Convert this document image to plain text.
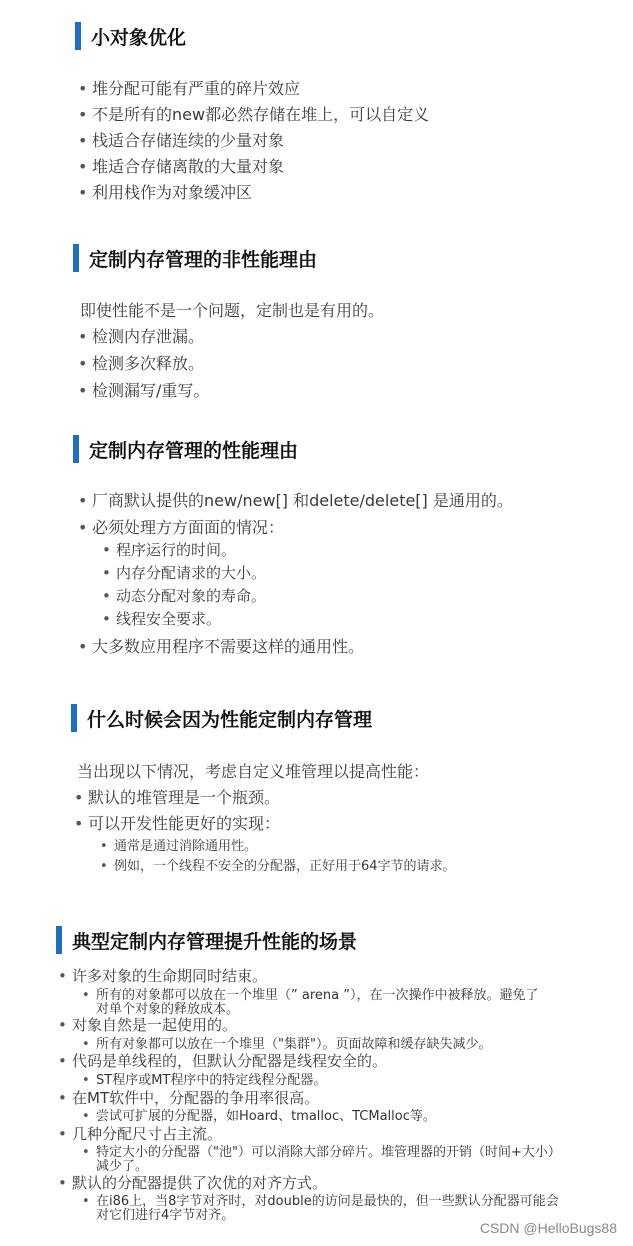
小对象优化
• 堆分配可能有严重的碎片效应
• 不是所有的new都必然存储在堆上，可以自定义
• 栈适合存储连续的少量对象
• 堆适合存储离散的大量对象
• 利用栈作为对象缓冲区
定制内存管理的非性能理由
即使性能不是一个问题，定制也是有用的。
• 检测内存泄漏。
• 检测多次释放。
• 检测漏写/重写。
定制内存管理的性能理由
• 厂商默认提供的new/new[] 和delete/delete[] 是通用的。
• 必须处理方方面面的情况：
• 程序运行的时间。
• 内存分配请求的大小。
• 动态分配对象的寿命。
• 线程安全要求。
• 大多数应用程序不需要这样的通用性。
什么时候会因为性能定制内存管理
当出现以下情况，考虑自定义堆管理以提高性能：
• 默认的堆管理是一个瓶颈。
• 可以开发性能更好的实现：
• 通常是通过消除通用性。
• 例如，一个线程不安全的分配器，正好用于64字节的请求。
典型定制内存管理提升性能的场景
• 许多对象的生命期同时结束。
• 所有的对象都可以放在一个堆里（” arena ”），在一次操作中被释放。避免了
对单个对象的释放成本。
• 对象自然是一起使用的。
• 所有对象都可以放在一个堆里（"集群"）。页面故障和缓存缺失减少。
• 代码是单线程的，但默认分配器是线程安全的。
• ST程序或MT程序中的特定线程分配器。
• 在MT软件中，分配器的争用率很高。
• 尝试可扩展的分配器，如Hoard、tmalloc、TCMalloc等。
• 几种分配尺寸占主流。
• 特定大小的分配器（"池"）可以消除大部分碎片。堆管理器的开销（时间+大小）
减少了。
• 默认的分配器提供了次优的对齐方式。
• 在i86上，当8字节对齐时，对double的访问是最快的，但一些默认分配器可能会
对它们进行4字节对齐。
CSDN @HelloBugs88
